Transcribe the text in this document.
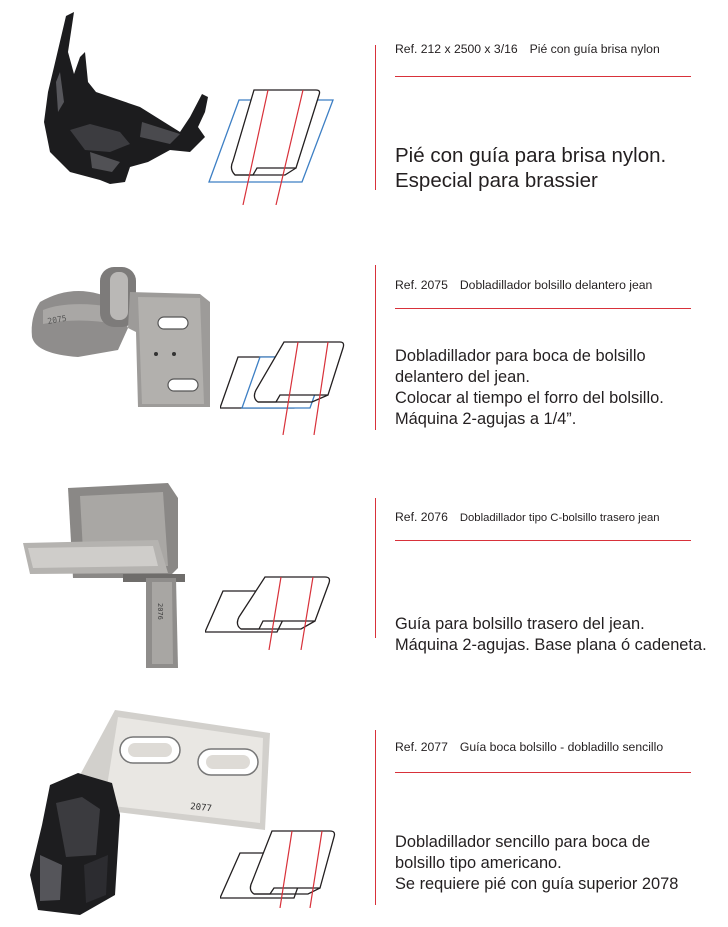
Ref. 212 x 2500 x 3/16 Pié con guía brisa nylon
Pié con guía para brisa nylon.
Especial para brassier
2075
Ref. 2075 Dobladillador bolsillo delantero jean
Dobladillador para boca de bolsillo
delantero del jean.
Colocar al tiempo el forro del bolsillo.
Máquina 2-agujas a 1/4”.
2076
Ref. 2076 Dobladillador tipo C-bolsillo trasero jean
Guía para bolsillo trasero del jean.
Máquina 2-agujas. Base plana ó cadeneta.
2077
Ref. 2077 Guía boca bolsillo - dobladillo sencillo
Dobladillador sencillo para boca de
bolsillo tipo americano.
Se requiere pié con guía superior 2078
